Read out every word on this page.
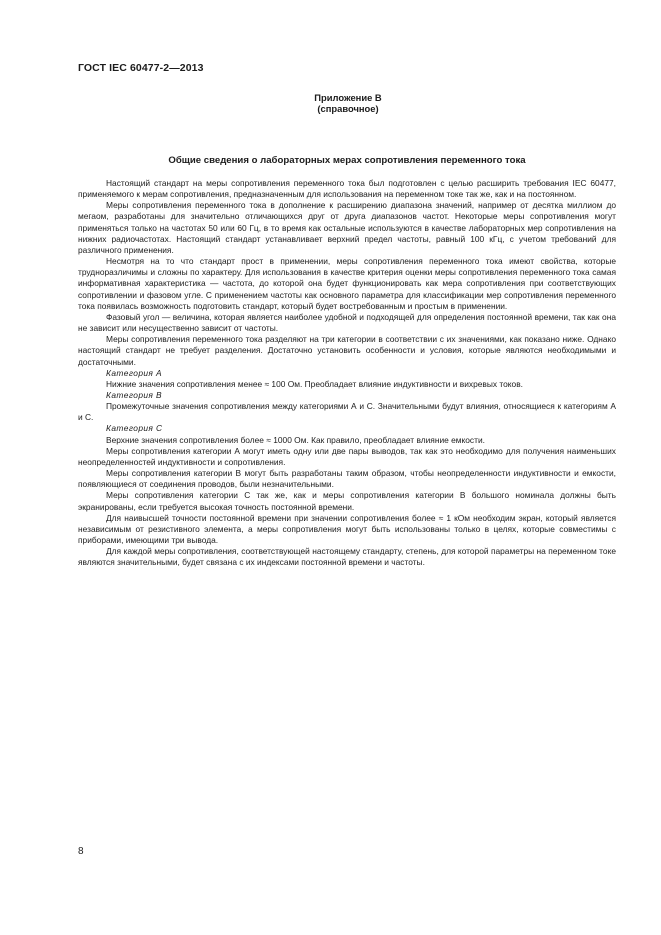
ГОСТ IEC 60477-2—2013
Приложение В
(справочное)
Общие сведения о лабораторных мерах сопротивления переменного тока

Настоящий стандарт на меры сопротивления переменного тока был подготовлен с целью расширить требования IEC 60477, применяемого к мерам сопротивления, предназначенным для использования на переменном токе так же, как и на постоянном.

Меры сопротивления переменного тока в дополнение к расширению диапазона значений, например от десятка миллиом до мегаом, разработаны для значительно отличающихся друг от друга диапазонов частот. Некоторые меры сопротивления могут применяться только на частотах 50 или 60 Гц, в то время как остальные используются в качестве лабораторных мер сопротивления на нижних радиочастотах. Настоящий стандарт устанавливает верхний предел частоты, равный 100 кГц, с учетом требований для различного применения.

Несмотря на то что стандарт прост в применении, меры сопротивления переменного тока имеют свойства, которые трудноразличимы и сложны по характеру. Для использования в качестве критерия оценки меры сопротивления переменного тока самая информативная характеристика — частота, до которой она будет функционировать как мера сопротивления при соответствующих сопротивлении и фазовом угле. С применением частоты как основного параметра для классификации мер сопротивления переменного тока появилась возможность подготовить стандарт, который будет востребованным и простым в применении.

Фазовый угол — величина, которая является наиболее удобной и подходящей для определения постоянной времени, так как она не зависит или несущественно зависит от частоты.

Меры сопротивления переменного тока разделяют на три категории в соответствии с их значениями, как показано ниже. Однако настоящий стандарт не требует разделения. Достаточно установить особенности и условия, которые являются необходимыми и достаточными.

Категория А

Нижние значения сопротивления менее ≈ 100 Ом. Преобладает влияние индуктивности и вихревых токов.

Категория В

Промежуточные значения сопротивления между категориями А и С. Значительными будут влияния, относящиеся к категориям А и С.

Категория С

Верхние значения сопротивления более ≈ 1000 Ом. Как правило, преобладает влияние емкости.

Меры сопротивления категории А могут иметь одну или две пары выводов, так как это необходимо для получения наименьших неопределенностей индуктивности и сопротивления.

Меры сопротивления категории В могут быть разработаны таким образом, чтобы неопределенности индуктивности и емкости, появляющиеся от соединения проводов, были незначительными.

Меры сопротивления категории С так же, как и меры сопротивления категории В большого номинала должны быть экранированы, если требуется высокая точность постоянной времени.

Для наивысшей точности постоянной времени при значении сопротивления более ≈ 1 кОм необходим экран, который является независимым от резистивного элемента, а меры сопротивления могут быть использованы только в целях, которые совместимы с приборами, имеющими три вывода.

Для каждой меры сопротивления, соответствующей настоящему стандарту, степень, для которой параметры на переменном токе являются значительными, будет связана с их индексами постоянной времени и частоты.

8
